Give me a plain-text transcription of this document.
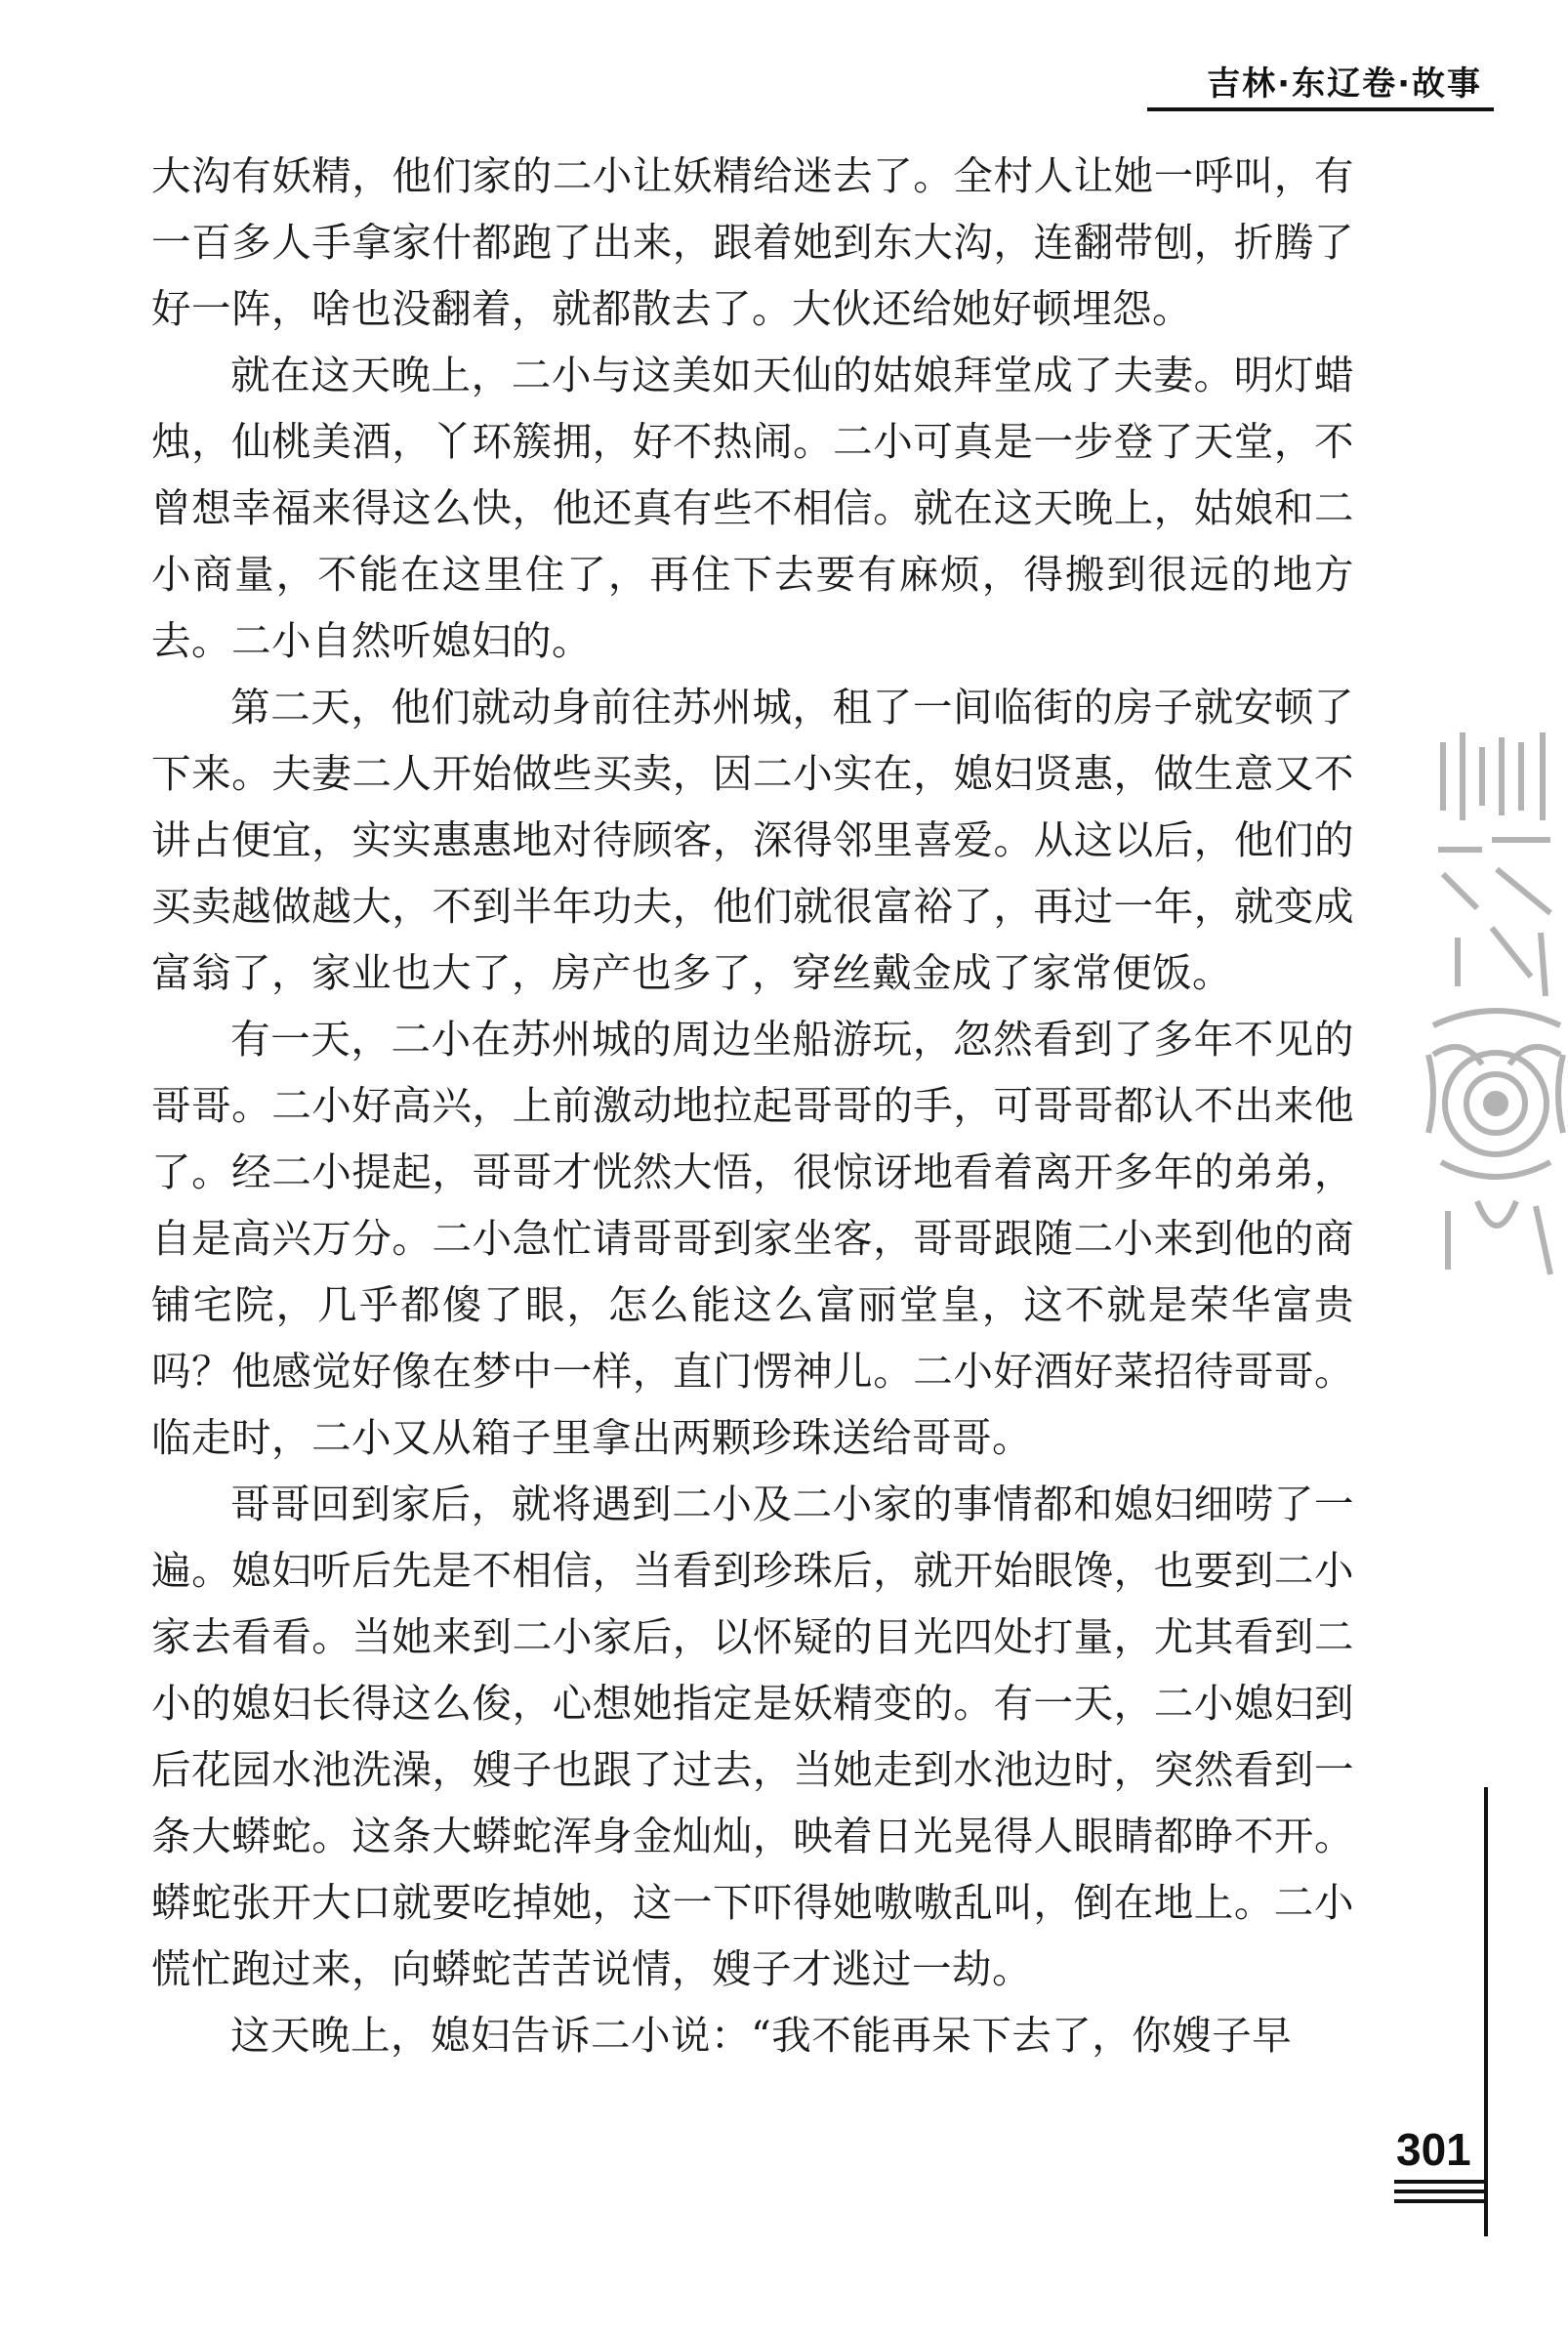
吉林·东辽卷·故事

大沟有妖精，他们家的二小让妖精给迷去了。全村人让她一呼叫，有一百多人手拿家什都跑了出来，跟着她到东大沟，连翻带刨，折腾了好一阵，啥也没翻着，就都散去了。大伙还给她好顿埋怨。

就在这天晚上，二小与这美如天仙的姑娘拜堂成了夫妻。明灯蜡烛，仙桃美酒，丫环簇拥，好不热闹。二小可真是一步登了天堂，不曾想幸福来得这么快，他还真有些不相信。就在这天晚上，姑娘和二小商量，不能在这里住了，再住下去要有麻烦，得搬到很远的地方去。二小自然听媳妇的。

第二天，他们就动身前往苏州城，租了一间临街的房子就安顿了下来。夫妻二人开始做些买卖，因二小实在，媳妇贤惠，做生意又不讲占便宜，实实惠惠地对待顾客，深得邻里喜爱。从这以后，他们的买卖越做越大，不到半年功夫，他们就很富裕了，再过一年，就变成富翁了，家业也大了，房产也多了，穿丝戴金成了家常便饭。

有一天，二小在苏州城的周边坐船游玩，忽然看到了多年不见的哥哥。二小好高兴，上前激动地拉起哥哥的手，可哥哥都认不出来他了。经二小提起，哥哥才恍然大悟，很惊讶地看着离开多年的弟弟，自是高兴万分。二小急忙请哥哥到家坐客，哥哥跟随二小来到他的商铺宅院，几乎都傻了眼，怎么能这么富丽堂皇，这不就是荣华富贵吗？他感觉好像在梦中一样，直门愣神儿。二小好酒好菜招待哥哥。临走时，二小又从箱子里拿出两颗珍珠送给哥哥。

哥哥回到家后，就将遇到二小及二小家的事情都和媳妇细唠了一遍。媳妇听后先是不相信，当看到珍珠后，就开始眼馋，也要到二小家去看看。当她来到二小家后，以怀疑的目光四处打量，尤其看到二小的媳妇长得这么俊，心想她指定是妖精变的。有一天，二小媳妇到后花园水池洗澡，嫂子也跟了过去，当她走到水池边时，突然看到一条大蟒蛇。这条大蟒蛇浑身金灿灿，映着日光晃得人眼睛都睁不开。蟒蛇张开大口就要吃掉她，这一下吓得她嗷嗷乱叫，倒在地上。二小慌忙跑过来，向蟒蛇苦苦说情，嫂子才逃过一劫。

这天晚上，媳妇告诉二小说：“我不能再呆下去了，你嫂子早

301
